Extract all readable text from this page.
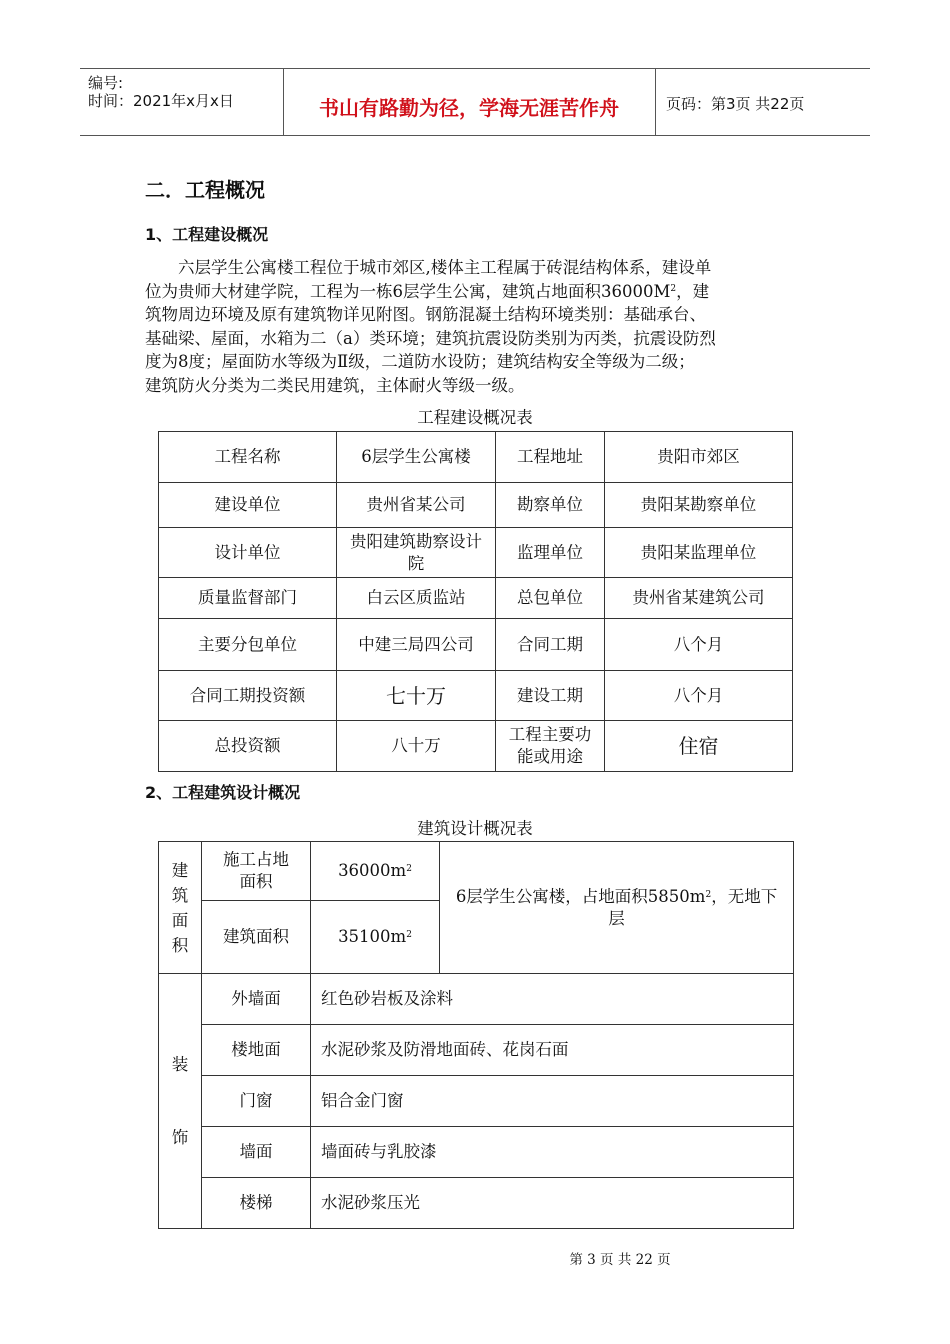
编号:
时间：2021年x月x日	书山有路勤为径，学海无涯苦作舟	页码：第3页 共22页
二．工程概况
1、工程建设概况
六层学生公寓楼工程位于城市郊区,楼体主工程属于砖混结构体系，建设单
位为贵师大材建学院，工程为一栋6层学生公寓，建筑占地面积$36000M^2$，建
筑物周边环境及原有建筑物详见附图。钢筋混凝土结构环境类别：基础承台、
基础梁、屋面，水箱为二（a）类环境；建筑抗震设防类别为丙类，抗震设防烈
度为8度；屋面防水等级为Ⅱ级，二道防水设防；建筑结构安全等级为二级；
建筑防火分类为二类民用建筑，主体耐火等级一级。
工程建设概况表
工程名称	6层学生公寓楼	工程地址	贵阳市郊区
建设单位	贵州省某公司	勘察单位	贵阳某勘察单位
设计单位	贵阳建筑勘察设计院	监理单位	贵阳某监理单位
质量监督部门	白云区质监站	总包单位	贵州省某建筑公司
主要分包单位	中建三局四公司	合同工期	八个月
合同工期投资额	七十万	建设工期	八个月
总投资额	八十万	工程主要功能或用途	住宿
2、工程建筑设计概况
建筑设计概况表
建筑面积	施工占地面积	$36000m^2$	6层学生公寓楼，占地面积$5850m^2$，无地下层
	建筑面积	$35100m^2$

装
饰	外墙面	红色砂岩板及涂料	
	楼地面	水泥砂浆及防滑地面砖、花岗石面	
	门窗	铝合金门窗	
	墙面	墙面砖与乳胶漆	
	楼梯	水泥砂浆压光	
第 3 页 共 22 页
